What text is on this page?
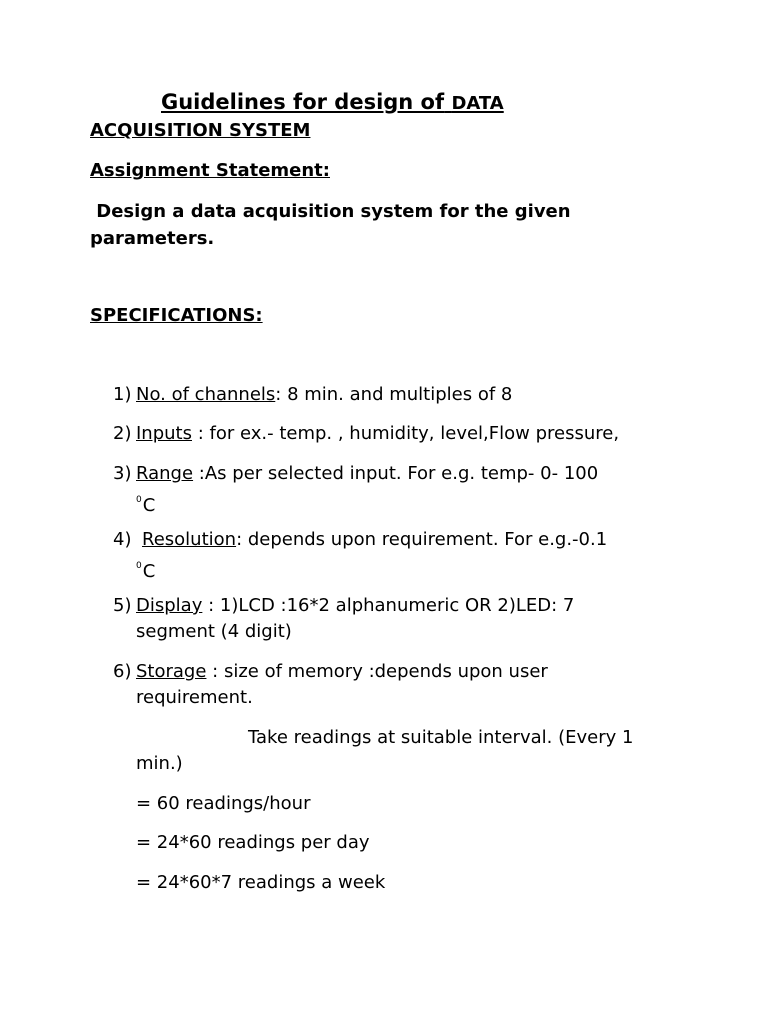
Guidelines for design of DATA
ACQUISITION SYSTEM
Assignment Statement:
Design a data acquisition system for the given parameters.
SPECIFICATIONS:
1) No. of channels: 8 min. and multiples of 8
2) Inputs : for ex.- temp. , humidity, level,Flow pressure,
3) Range :As per selected input. For e.g. temp- 0- 100
$^0$C
4) Resolution: depends upon requirement. For e.g.-0.1
$^0$C
5) Display : 1)LCD :16*2 alphanumeric OR 2)LED: 7
segment (4 digit)
6) Storage : size of memory :depends upon user
requirement.
Take readings at suitable interval. (Every 1
min.)
= 60 readings/hour
= 24*60 readings per day
= 24*60*7 readings a week
